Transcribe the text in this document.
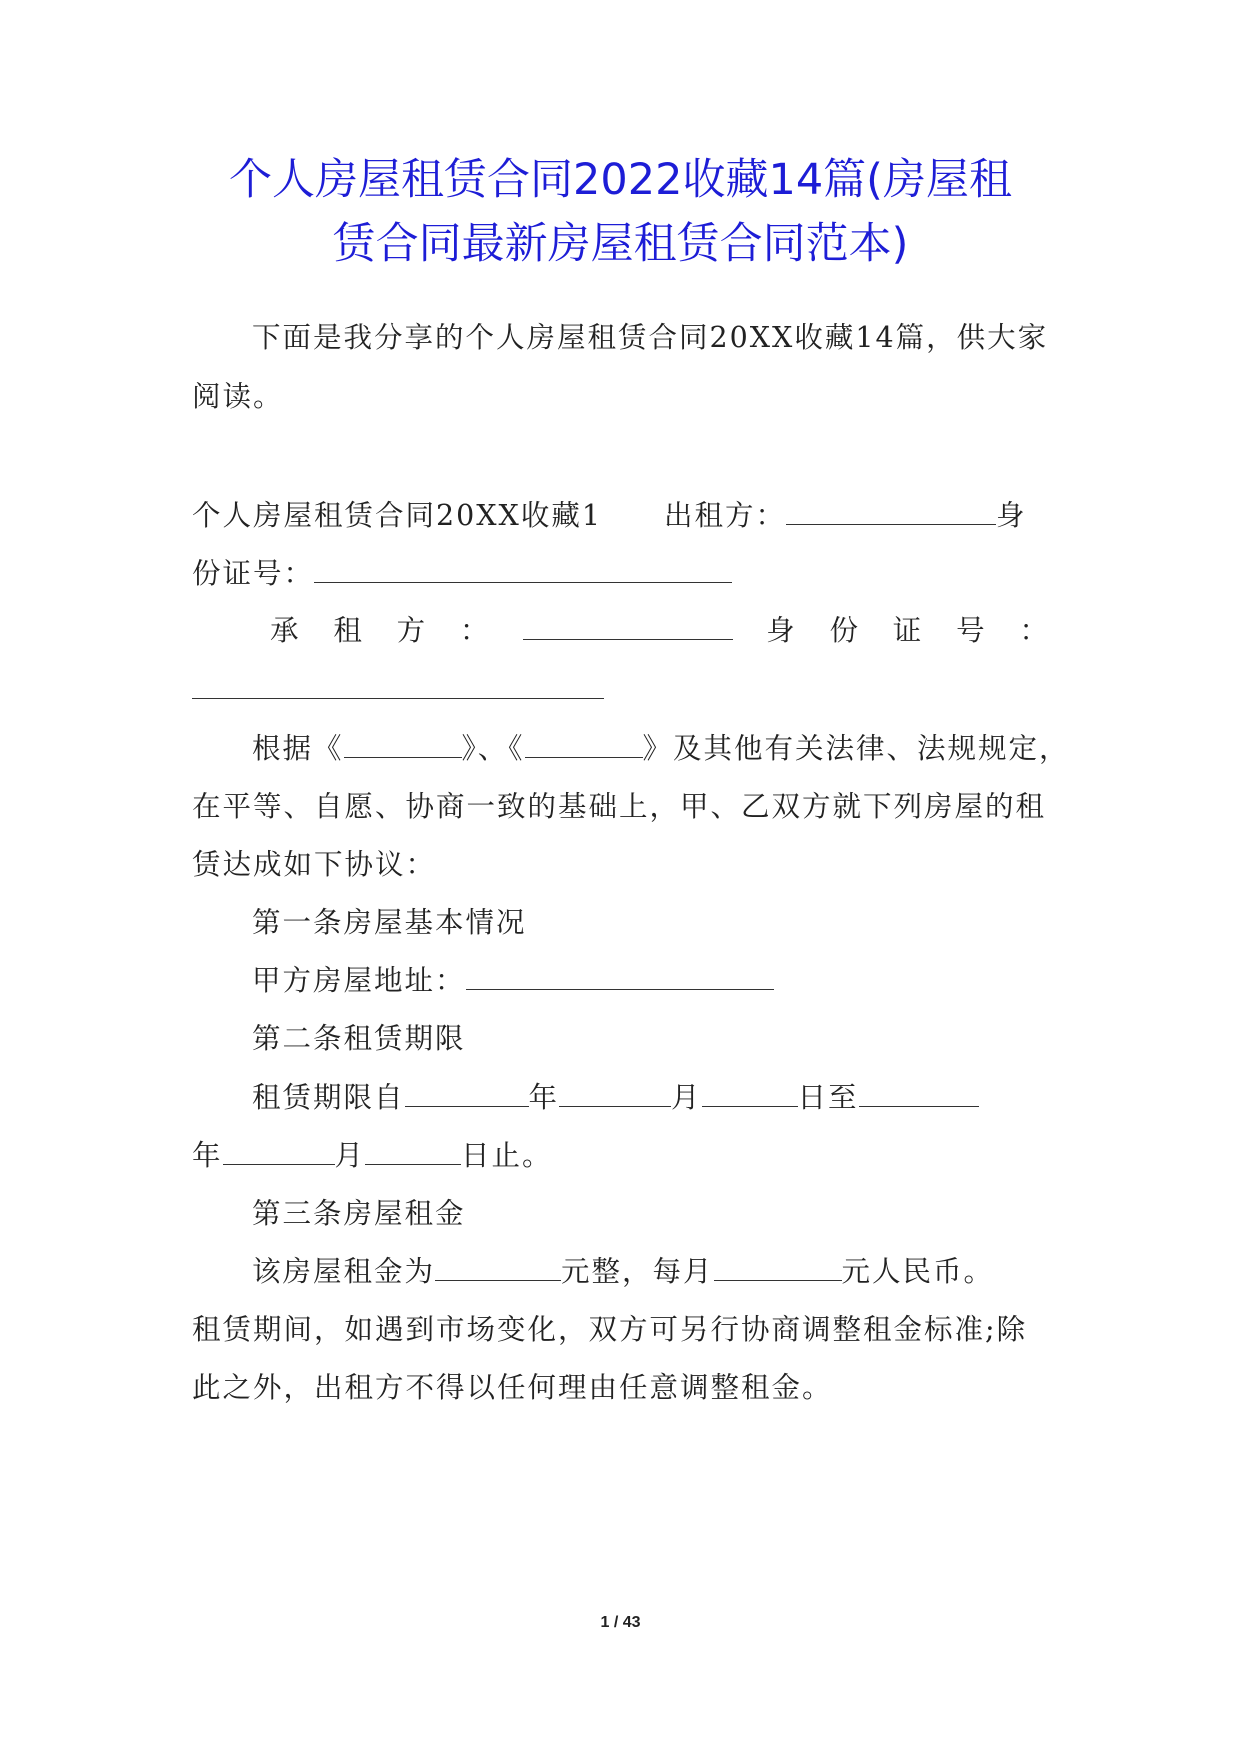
个人房屋租赁合同2022收藏14篇(房屋租
赁合同最新房屋租赁合同范本)
下面是我分享的个人房屋租赁合同20XX收藏14篇，供大家
阅读。
个人房屋租赁合同20XX收藏1 出租方：	身
份证号：
承 租 方 ：	身 份 证 号 ：
根据《	》、《	》及其他有关法律、法规规定，
在平等、自愿、协商一致的基础上，甲、乙双方就下列房屋的租
赁达成如下协议：
第一条房屋基本情况
甲方房屋地址：
第二条租赁期限
租赁期限自	年	月	日至
年	月	日止。
第三条房屋租金
该房屋租金为	元整，每月	元人民币。
租赁期间，如遇到市场变化，双方可另行协商调整租金标准;除
此之外，出租方不得以任何理由任意调整租金。
1 / 43
